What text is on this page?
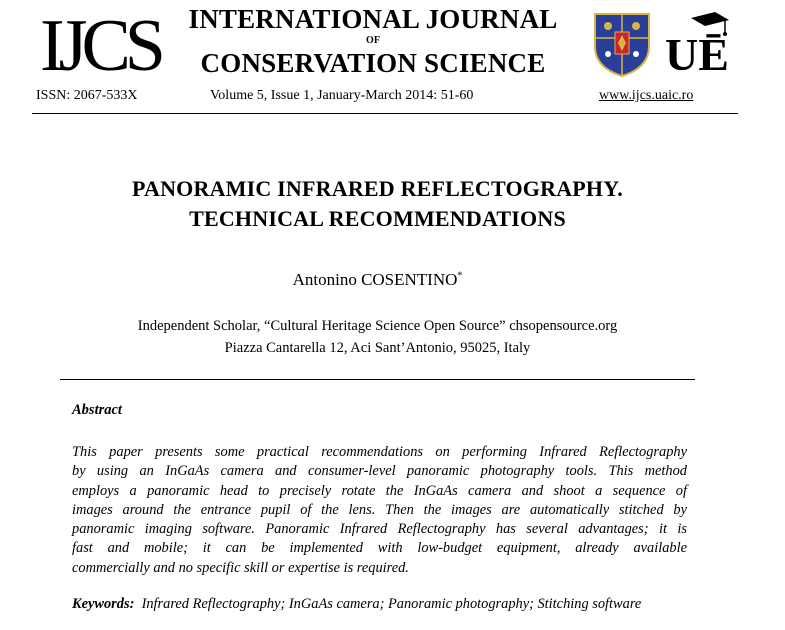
IJCS	INTERNATIONAL JOURNAL
OF
CONSERVATION SCIENCE	UĒ
ISSN: 2067-533X	Volume 5, Issue 1, January-March 2014: 51-60	www.ijcs.uaic.ro
PANORAMIC INFRARED REFLECTOGRAPHY.
TECHNICAL RECOMMENDATIONS
Antonino COSENTINO*
Independent Scholar, “Cultural Heritage Science Open Source” chsopensource.org
Piazza Cantarella 12, Aci Sant’Antonio, 95025, Italy
Abstract
This paper presents some practical recommendations on performing Infrared Reflectography
by using an InGaAs camera and consumer-level panoramic photography tools. This method
employs a panoramic head to precisely rotate the InGaAs camera and shoot a sequence of
images around the entrance pupil of the lens. Then the images are automatically stitched by
panoramic imaging software. Panoramic Infrared Reflectography has several advantages; it is
fast and mobile; it can be implemented with low-budget equipment, already available
commercially and no specific skill or expertise is required.
Keywords: Infrared Reflectography; InGaAs camera; Panoramic photography; Stitching software
